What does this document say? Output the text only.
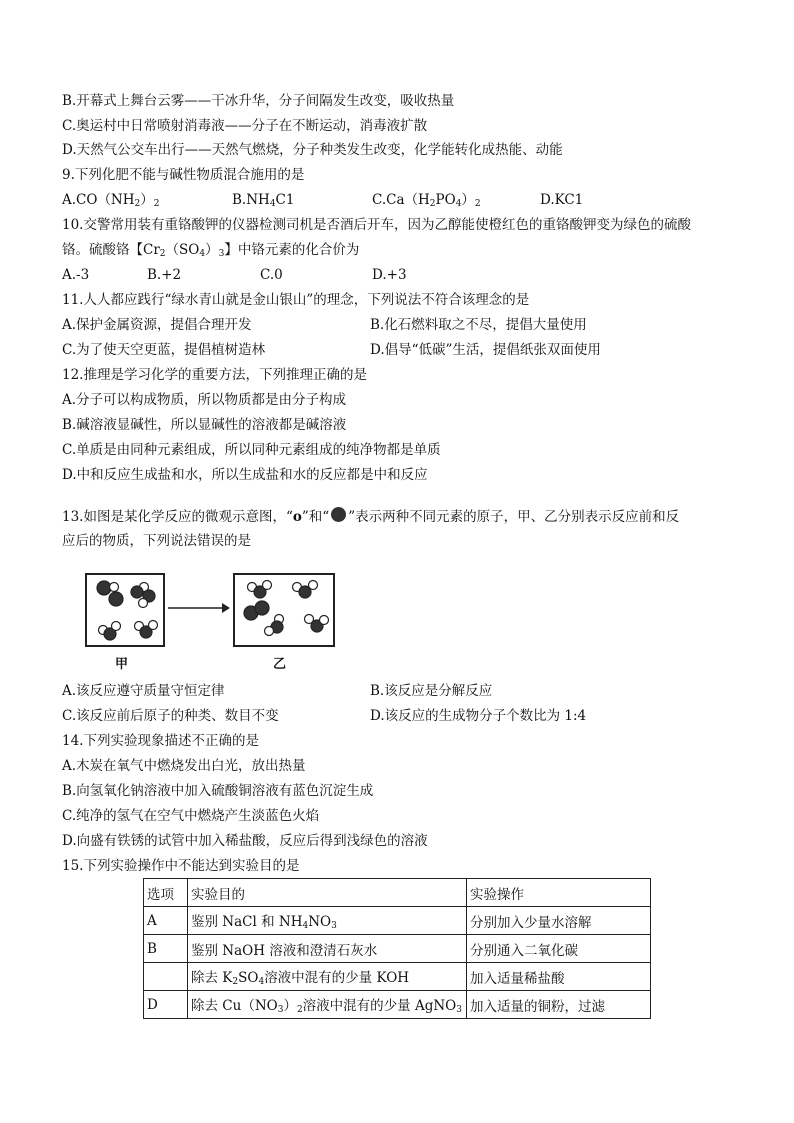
B.开幕式上舞台云雾——干冰升华，分子间隔发生改变，吸收热量
C.奥运村中日常喷射消毒液——分子在不断运动，消毒液扩散
D.天然气公交车出行——天然气燃烧，分子种类发生改变，化学能转化成热能、动能
9.下列化肥不能与碱性物质混合施用的是
$A.CO(NH_2)_2$	$B.NH_4C1$	$C.Ca(H_2PO_4)_2$	D.KC1
10.交警常用装有重铬酸钾的仪器检测司机是否酒后开车，因为乙醇能使橙红色的重铬酸钾变为绿色的硫酸
铬。硫酸铬【$Cr_2(SO_4)_3$】中铬元素的化合价为
A.-3	B.+2	C.0	D.+3
11.人人都应践行“绿水青山就是金山银山”的理念，下列说法不符合该理念的是
A.保护金属资源，提倡合理开发	B.化石燃料取之不尽，提倡大量使用
C.为了使天空更蓝，提倡植树造林	D.倡导“低碳”生活，提倡纸张双面使用
12.推理是学习化学的重要方法，下列推理正确的是
A.分子可以构成物质，所以物质都是由分子构成
B.碱溶液显碱性，所以显碱性的溶液都是碱溶液
C.单质是由同种元素组成，所以同种元素组成的纯净物都是单质
D.中和反应生成盐和水，所以生成盐和水的反应都是中和反应
13.如图是某化学反应的微观示意图，“o”和“ ”表示两种不同元素的原子，甲、乙分别表示反应前和反
应后的物质，下列说法错误的是
甲	乙
A.该反应遵守质量守恒定律	B.该反应是分解反应
C.该反应前后原子的种类、数目不变	D.该反应的生成物分子个数比为 1:4
14.下列实验现象描述不正确的是
A.木炭在氧气中燃烧发出白光，放出热量
B.向氢氧化钠溶液中加入硫酸铜溶液有蓝色沉淀生成
C.纯净的氢气在空气中燃烧产生淡蓝色火焰
D.向盛有铁锈的试管中加入稀盐酸，反应后得到浅绿色的溶液
15.下列实验操作中不能达到实验目的是
选项	实验目的	实验操作
A	鉴别 NaCl 和 $NH_4NO_3$	分别加入少量水溶解
B	鉴别 NaOH 溶液和澄清石灰水	分别通入二氧化碳
	除去 $K_2SO_4$溶液中混有的少量 KOH	加入适量稀盐酸
D	除去 $Cu(NO_3)_2$溶液中混有的少量 AgNO$_3$	加入适量的铜粉，过滤
